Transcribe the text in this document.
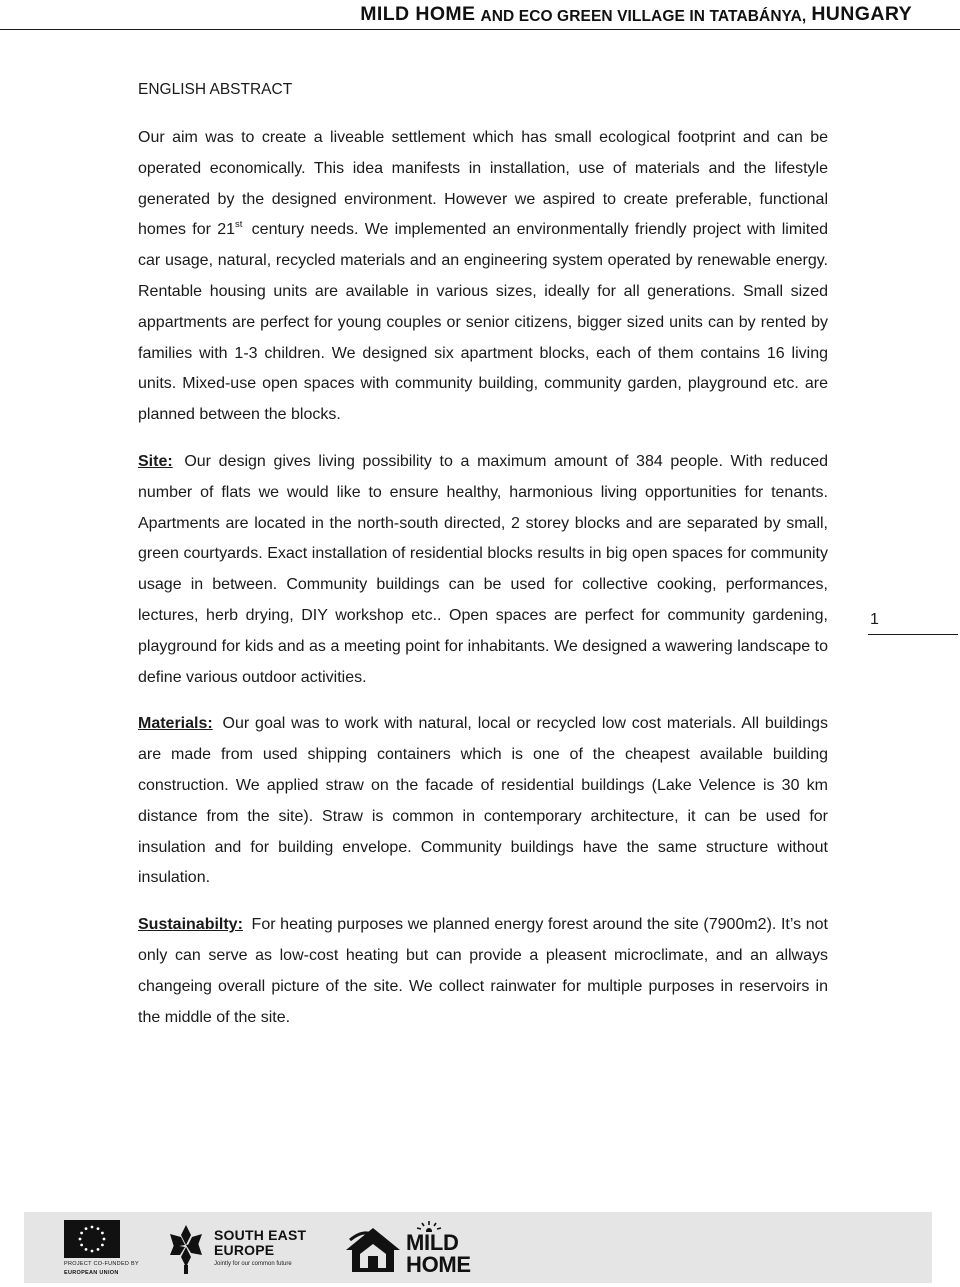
MILD HOME AND ECO GREEN VILLAGE IN TATABÁNYA, HUNGARY
ENGLISH ABSTRACT

Our aim was to create a liveable settlement which has small ecological footprint and can be operated economically. This idea manifests in installation, use of materials and the lifestyle generated by the designed environment. However we aspired to create preferable, functional homes for 21st century needs. We implemented an environmentally friendly project with limited car usage, natural, recycled materials and an engineering system operated by renewable energy. Rentable housing units are available in various sizes, ideally for all generations. Small sized appartments are perfect for young couples or senior citizens, bigger sized units can by rented by families with 1-3 children. We designed six apartment blocks, each of them contains 16 living units. Mixed-use open spaces with community building, community garden, playground etc. are planned between the blocks.

Site: Our design gives living possibility to a maximum amount of 384 people. With reduced number of flats we would like to ensure healthy, harmonious living opportunities for tenants. Apartments are located in the north-south directed, 2 storey blocks and are separated by small, green courtyards. Exact installation of residential blocks results in big open spaces for community usage in between. Community buildings can be used for collective cooking, performances, lectures, herb drying, DIY workshop etc.. Open spaces are perfect for community gardening, playground for kids and as a meeting point for inhabitants. We designed a wawering landscape to define various outdoor activities.

Materials: Our goal was to work with natural, local or recycled low cost materials. All buildings are made from used shipping containers which is one of the cheapest available building construction. We applied straw on the facade of residential buildings (Lake Velence is 30 km distance from the site). Straw is common in contemporary architecture, it can be used for insulation and for building envelope. Community buildings have the same structure without insulation.

Sustainabilty: For heating purposes we planned energy forest around the site (7900m2). It’s not only can serve as low-cost heating but can provide a pleasent microclimate, and an allways changeing overall picture of the site. We collect rainwater for multiple purposes in reservoirs in the middle of the site.

1
PROJECT CO-FUNDED BY
EUROPEAN UNION
SOUTH EAST
EUROPE
Jointly for our common future
MILD
HOME
